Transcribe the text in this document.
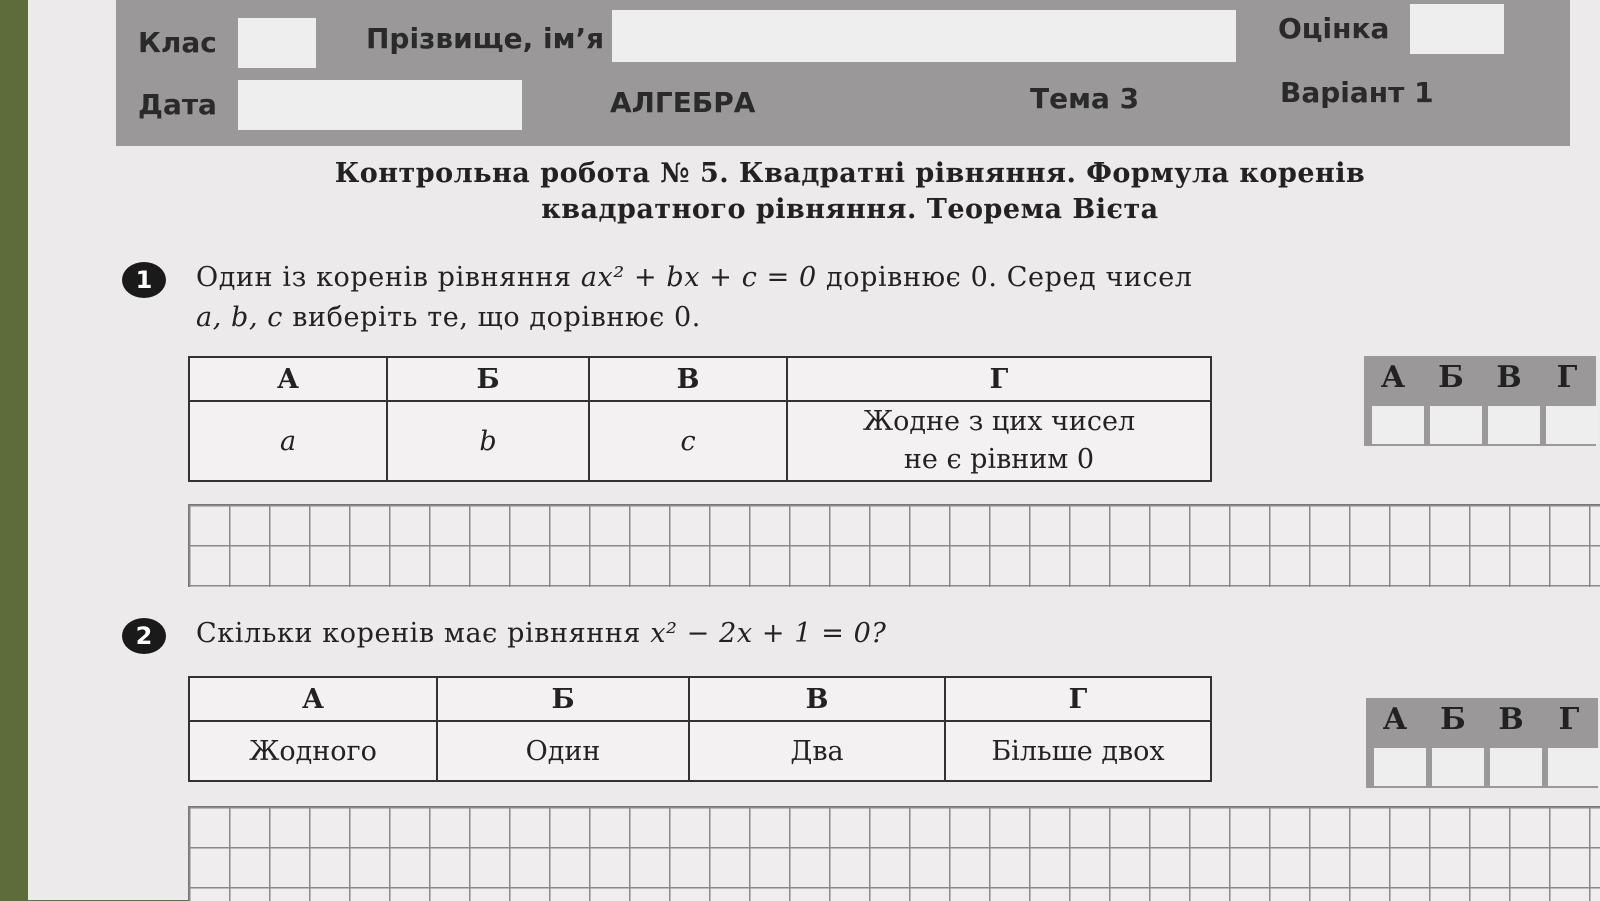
Клас	Прізвище, ім’я	Оцінка
Дата	АЛГЕБРА	Тема 3	Варіант 1
Контрольна робота № 5. Квадратні рівняння. Формула коренів
квадратного рівняння. Теорема Вієта
1	Один із коренів рівняння ax² + bx + c = 0 дорівнює 0. Серед чисел
a, b, c виберіть те, що дорівнює 0.
А	Б	В	Г
a	b	c	Жодне з цих чисел не є рівним 0
А	Б	В	Г
2	Скільки коренів має рівняння x² − 2x + 1 = 0?
А	Б	В	Г
Жодного	Один	Два	Більше двох
А	Б	В	Г
